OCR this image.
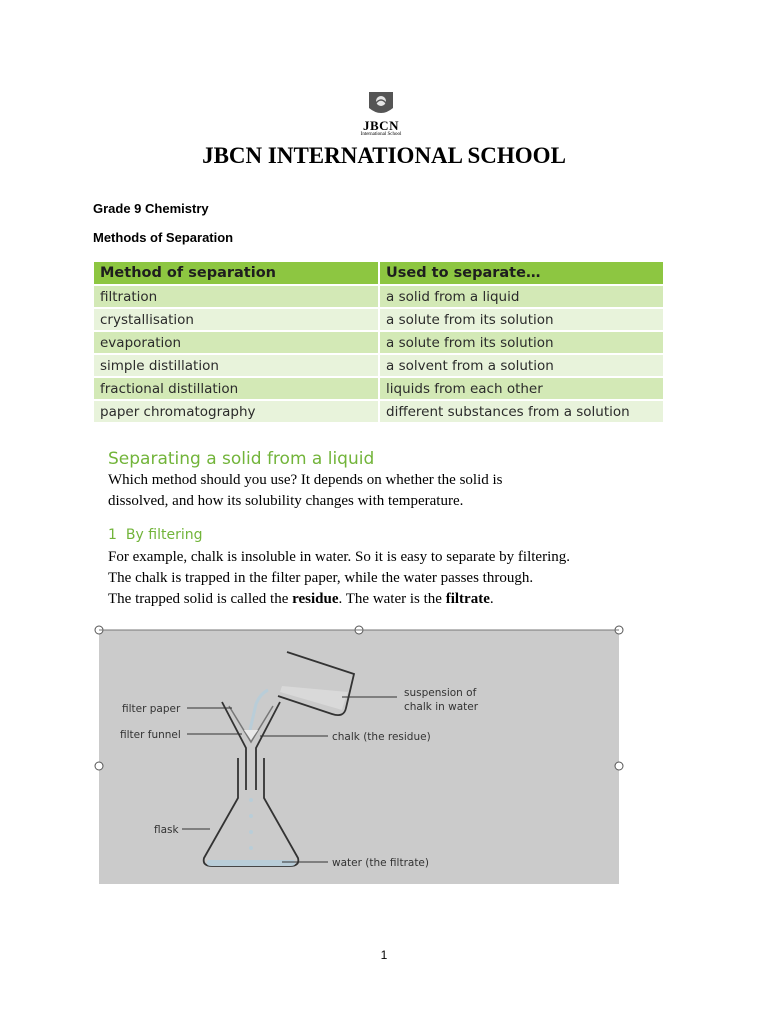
JBCN
International School
JBCN INTERNATIONAL SCHOOL
Grade 9 Chemistry
Methods of Separation
Method of separation	Used to separate…
filtration	a solid from a liquid
crystallisation	a solute from its solution
evaporation	a solute from its solution
simple distillation	a solvent from a solution
fractional distillation	liquids from each other
paper chromatography	different substances from a solution
Separating a solid from a liquid
Which method should you use? It depends on whether the solid is
dissolved, and how its solubility changes with temperature.
1 By filtering
For example, chalk is insoluble in water. So it is easy to separate by filtering.
The chalk is trapped in the filter paper, while the water passes through.
The trapped solid is called the residue. The water is the filtrate.
filter paper
filter funnel
flask
suspension of
chalk in water
chalk (the residue)
water (the filtrate)
1
